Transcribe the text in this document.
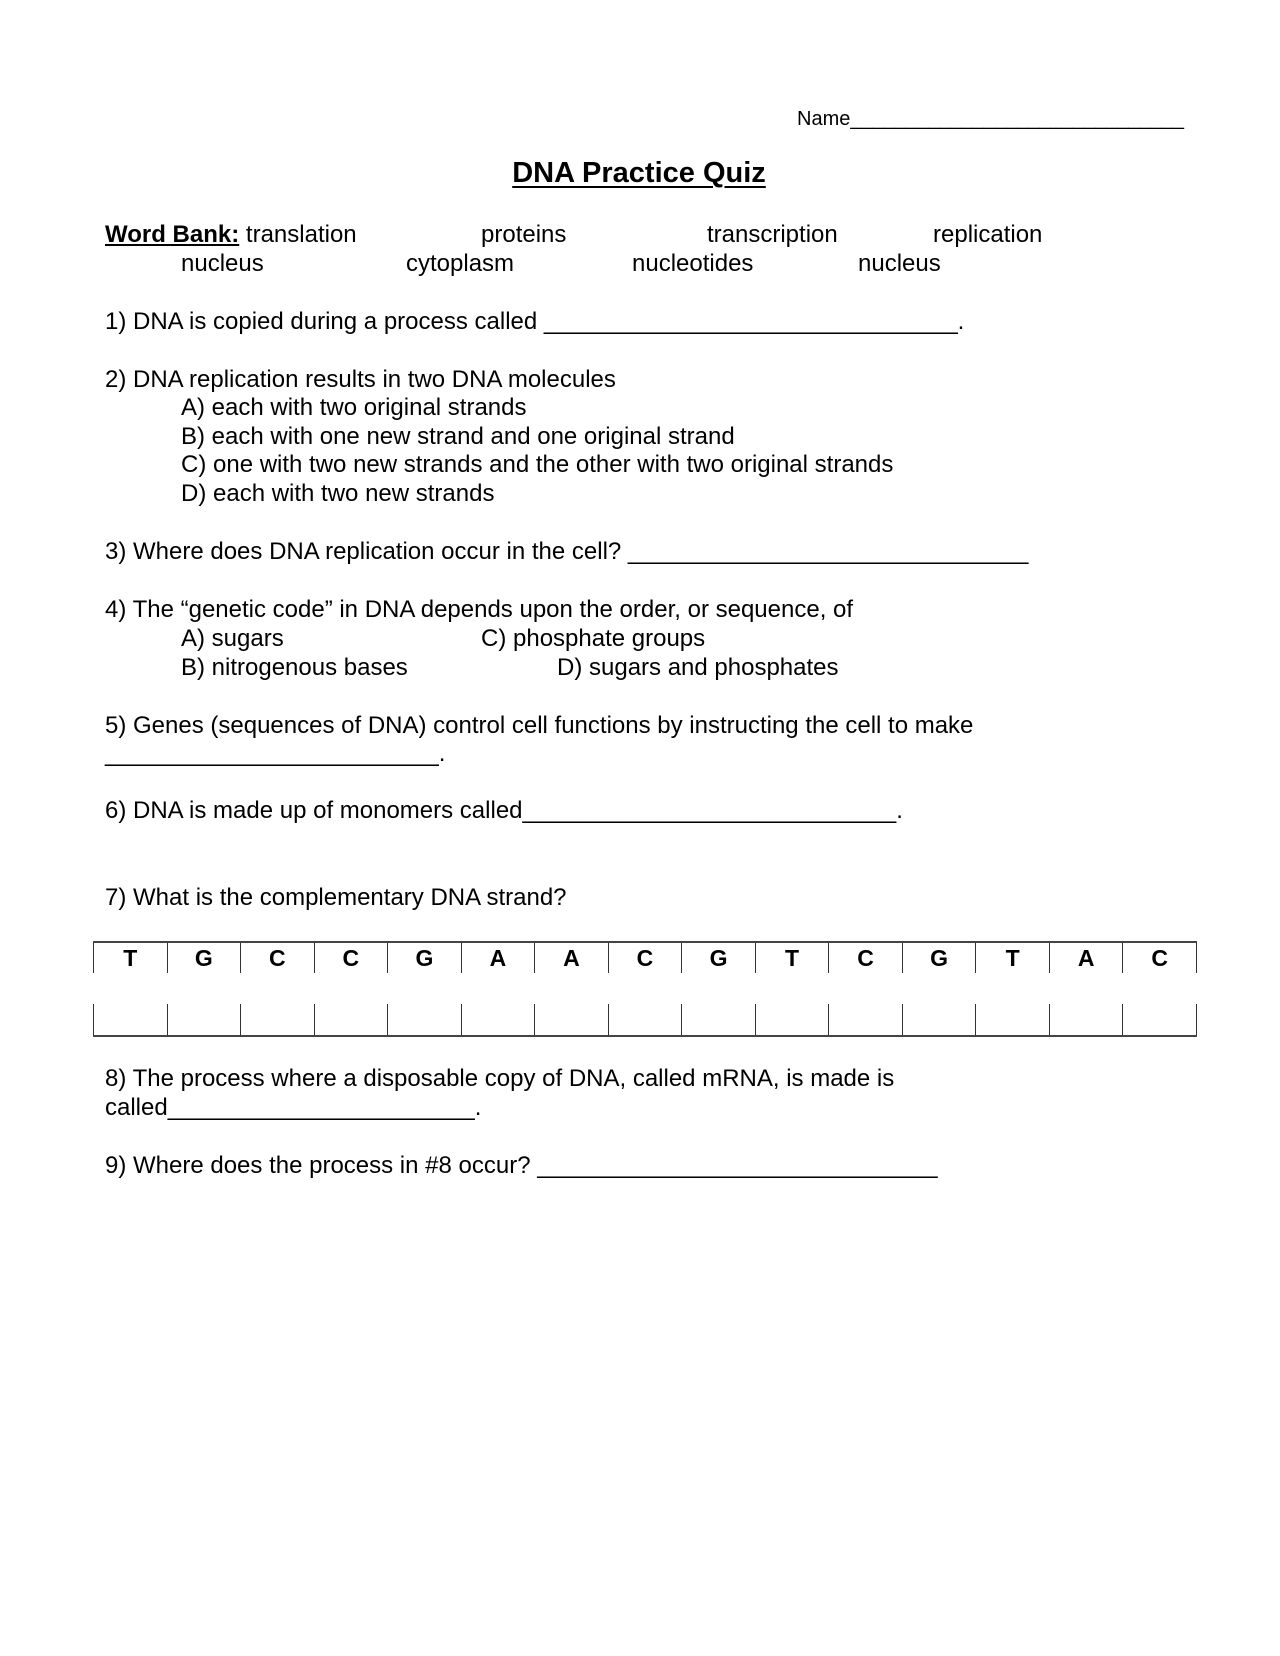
Name______________________________
DNA Practice Quiz
Word Bank: translation	proteins	transcription	replication
nucleus	cytoplasm	nucleotides	nucleus
1) DNA is copied during a process called _______________________________.
2) DNA replication results in two DNA molecules
A) each with two original strands
B) each with one new strand and one original strand
C) one with two new strands and the other with two original strands
D) each with two new strands
3) Where does DNA replication occur in the cell? ______________________________
4) The “genetic code” in DNA depends upon the order, or sequence, of
A) sugars	C) phosphate groups
B) nitrogenous bases	D) sugars and phosphates
5) Genes (sequences of DNA) control cell functions by instructing the cell to make
_________________________.
6) DNA is made up of monomers called____________________________.
7) What is the complementary DNA strand?
T	G	C	C	G	A	A	C	G	T	C	G	T	A	C

8) The process where a disposable copy of DNA, called mRNA, is made is
called_______________________.
9) Where does the process in #8 occur? ______________________________
